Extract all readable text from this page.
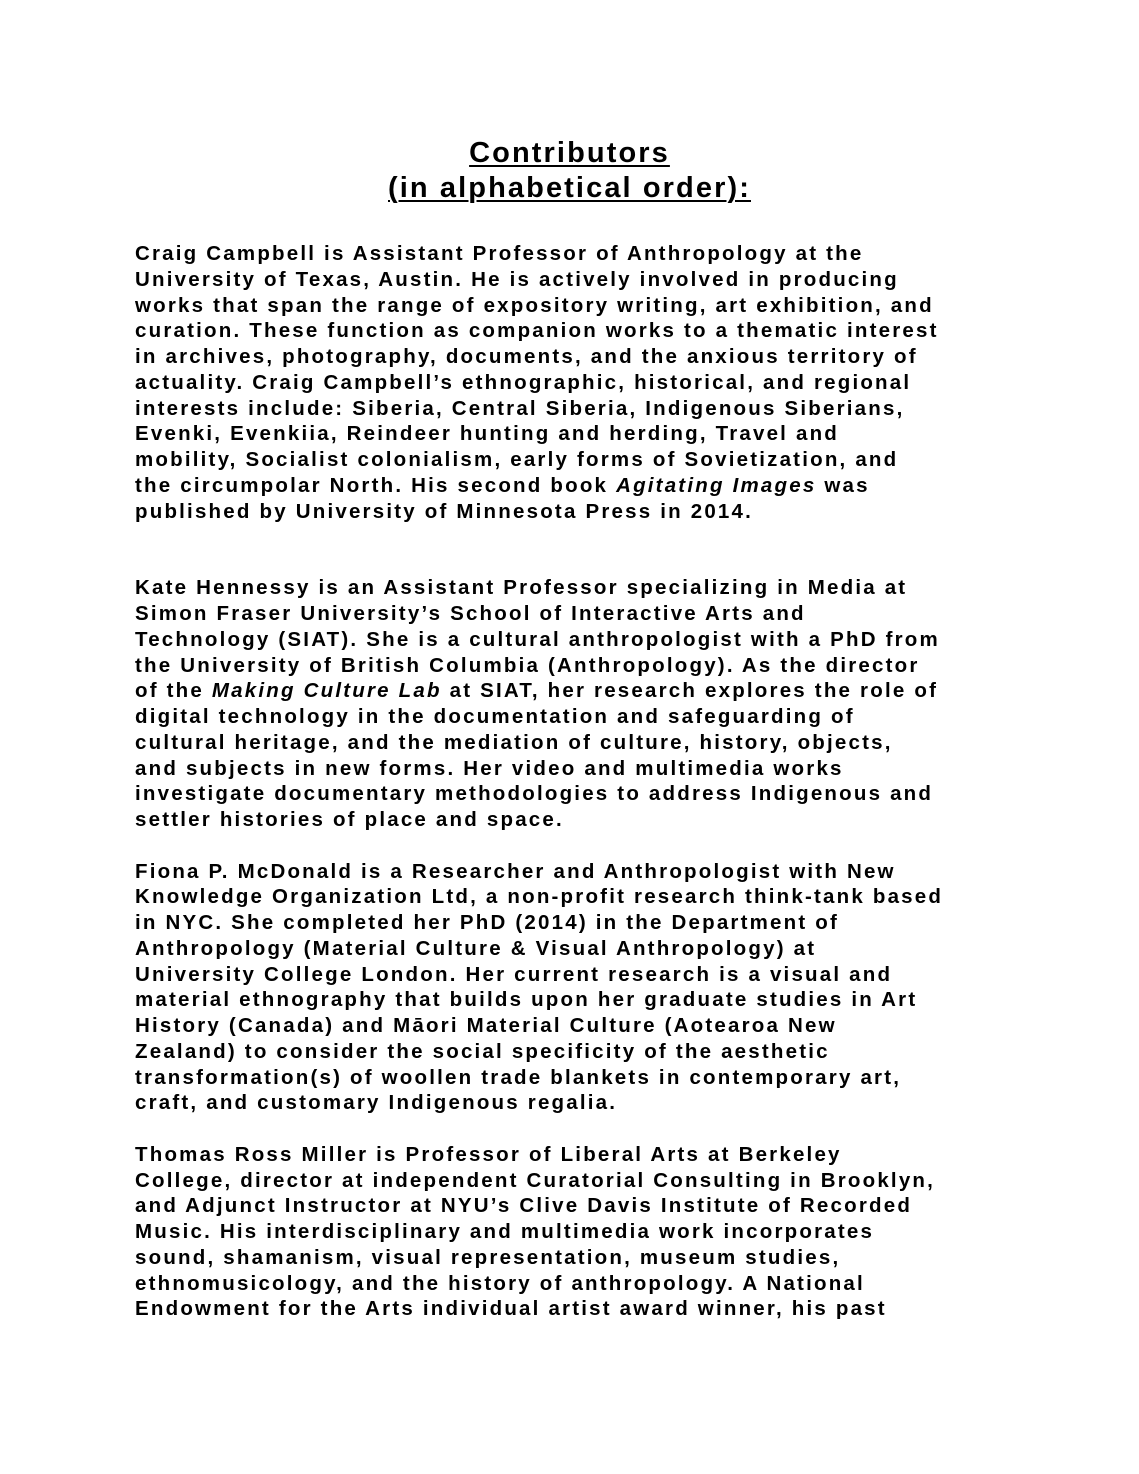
Contributors
(in alphabetical order):
Craig Campbell is Assistant Professor of Anthropology at the
University of Texas, Austin. He is actively involved in producing
works that span the range of expository writing, art exhibition, and
curation. These function as companion works to a thematic interest
in archives, photography, documents, and the anxious territory of
actuality. Craig Campbell’s ethnographic, historical, and regional
interests include: Siberia, Central Siberia, Indigenous Siberians,
Evenki, Evenkiia, Reindeer hunting and herding, Travel and
mobility, Socialist colonialism, early forms of Sovietization, and
the circumpolar North. His second book Agitating Images was
published by University of Minnesota Press in 2014.
Kate Hennessy is an Assistant Professor specializing in Media at
Simon Fraser University’s School of Interactive Arts and
Technology (SIAT). She is a cultural anthropologist with a PhD from
the University of British Columbia (Anthropology). As the director
of the Making Culture Lab at SIAT, her research explores the role of
digital technology in the documentation and safeguarding of
cultural heritage, and the mediation of culture, history, objects,
and subjects in new forms. Her video and multimedia works
investigate documentary methodologies to address Indigenous and
settler histories of place and space.
Fiona P. McDonald is a Researcher and Anthropologist with New
Knowledge Organization Ltd, a non-profit research think-tank based
in NYC. She completed her PhD (2014) in the Department of
Anthropology (Material Culture & Visual Anthropology) at
University College London. Her current research is a visual and
material ethnography that builds upon her graduate studies in Art
History (Canada) and Māori Material Culture (Aotearoa New
Zealand) to consider the social specificity of the aesthetic
transformation(s) of woollen trade blankets in contemporary art,
craft, and customary Indigenous regalia.
Thomas Ross Miller is Professor of Liberal Arts at Berkeley
College, director at independent Curatorial Consulting in Brooklyn,
and Adjunct Instructor at NYU’s Clive Davis Institute of Recorded
Music. His interdisciplinary and multimedia work incorporates
sound, shamanism, visual representation, museum studies,
ethnomusicology, and the history of anthropology. A National
Endowment for the Arts individual artist award winner, his past
